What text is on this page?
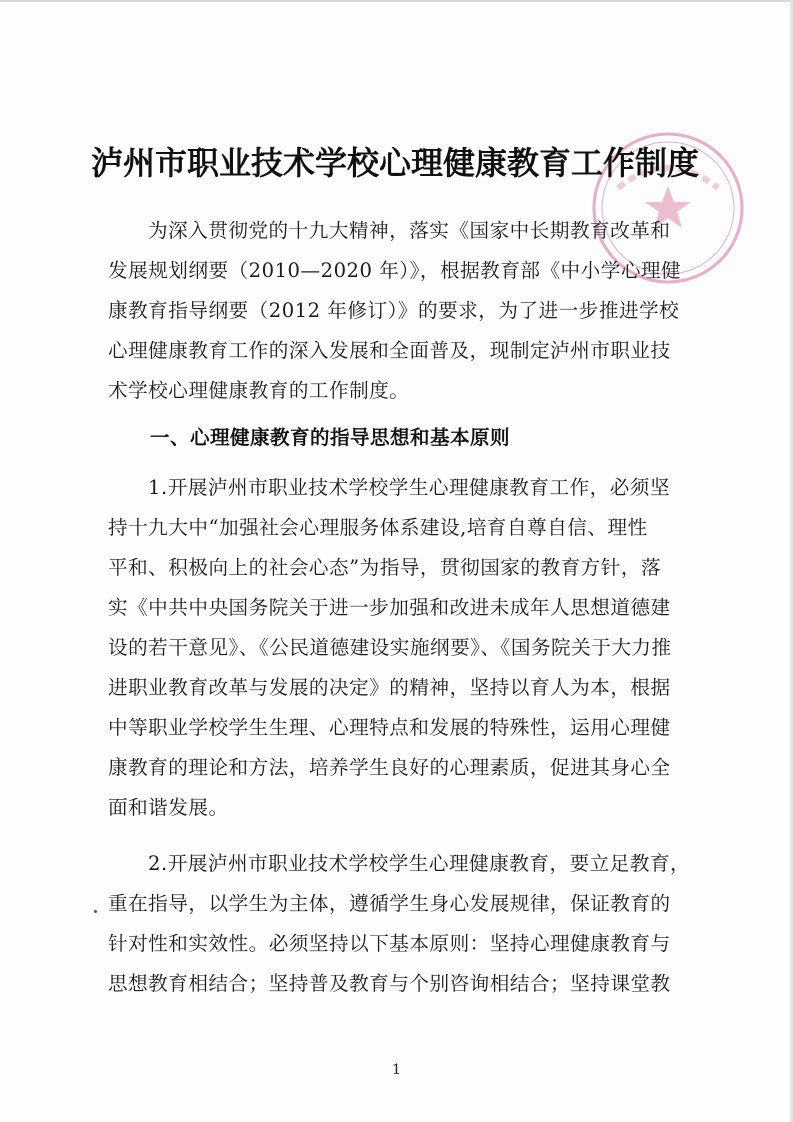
泸州市职业技术学校心理健康教育工作制度
为深入贯彻党的十九大精神，落实《国家中长期教育改革和
发展规划纲要（2010—2020 年）》，根据教育部《中小学心理健
康教育指导纲要（2012 年修订）》的要求，为了进一步推进学校
心理健康教育工作的深入发展和全面普及，现制定泸州市职业技
术学校心理健康教育的工作制度。
一、心理健康教育的指导思想和基本原则
1.开展泸州市职业技术学校学生心理健康教育工作，必须坚
持十九大中“加强社会心理服务体系建设,培育自尊自信、理性
平和、积极向上的社会心态”为指导，贯彻国家的教育方针，落
实《中共中央国务院关于进一步加强和改进未成年人思想道德建
设的若干意见》、《公民道德建设实施纲要》、《国务院关于大力推
进职业教育改革与发展的决定》的精神，坚持以育人为本，根据
中等职业学校学生生理、心理特点和发展的特殊性，运用心理健
康教育的理论和方法，培养学生良好的心理素质，促进其身心全
面和谐发展。
2.开展泸州市职业技术学校学生心理健康教育，要立足教育，
重在指导，以学生为主体，遵循学生身心发展规律，保证教育的
针对性和实效性。必须坚持以下基本原则：坚持心理健康教育与
思想教育相结合；坚持普及教育与个别咨询相结合；坚持课堂教
1
